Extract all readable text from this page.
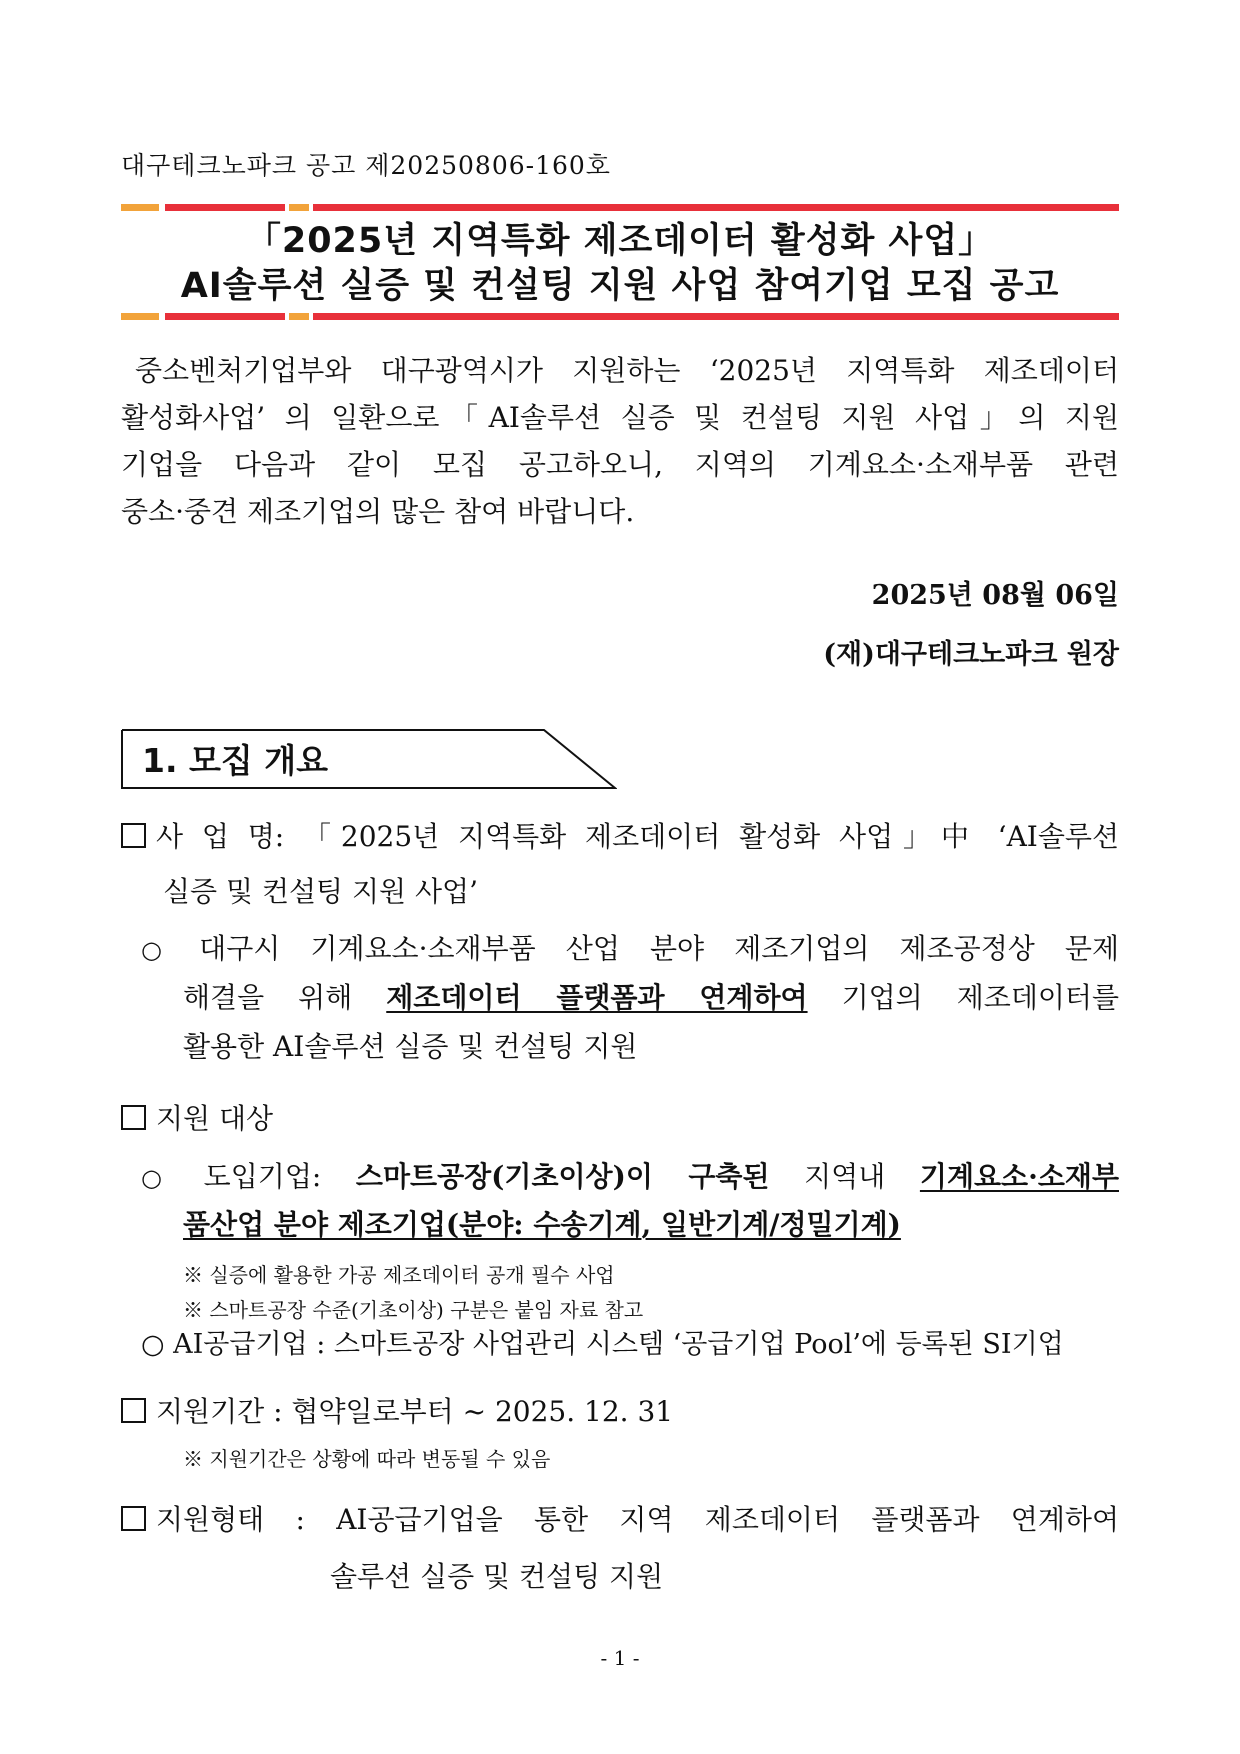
대구테크노파크 공고 제20250806-160호
「2025년 지역특화 제조데이터 활성화 사업」
AI솔루션 실증 및 컨설팅 지원 사업 참여기업 모집 공고
중소벤처기업부와 대구광역시가 지원하는 ‘2025년 지역특화 제조데이터
활성화사업’ 의 일환으로「AI솔루션 실증 및 컨설팅 지원 사업」의 지원
기업을 다음과 같이 모집 공고하오니, 지역의 기계요소·소재부품 관련
중소·중견 제조기업의 많은 참여 바랍니다.
2025년 08월 06일
(재)대구테크노파크 원장
1. 모집 개요
사 업 명: 「2025년 지역특화 제조데이터 활성화 사업」中 ‘AI솔루션
실증 및 컨설팅 지원 사업’
○ 대구시 기계요소·소재부품 산업 분야 제조기업의 제조공정상 문제
해결을 위해 제조데이터 플랫폼과 연계하여 기업의 제조데이터를
활용한 AI솔루션 실증 및 컨설팅 지원
지원 대상
○ 도입기업: 스마트공장(기초이상)이 구축된 지역내 기계요소·소재부
품산업 분야 제조기업(분야: 수송기계, 일반기계/정밀기계)
※ 실증에 활용한 가공 제조데이터 공개 필수 사업
※ 스마트공장 수준(기초이상) 구분은 붙임 자료 참고
○ AI공급기업 : 스마트공장 사업관리 시스템 ‘공급기업 Pool’에 등록된 SI기업
지원기간 : 협약일로부터 ~ 2025. 12. 31
※ 지원기간은 상황에 따라 변동될 수 있음
지원형태 : AI공급기업을 통한 지역 제조데이터 플랫폼과 연계하여
솔루션 실증 및 컨설팅 지원
- 1 -
